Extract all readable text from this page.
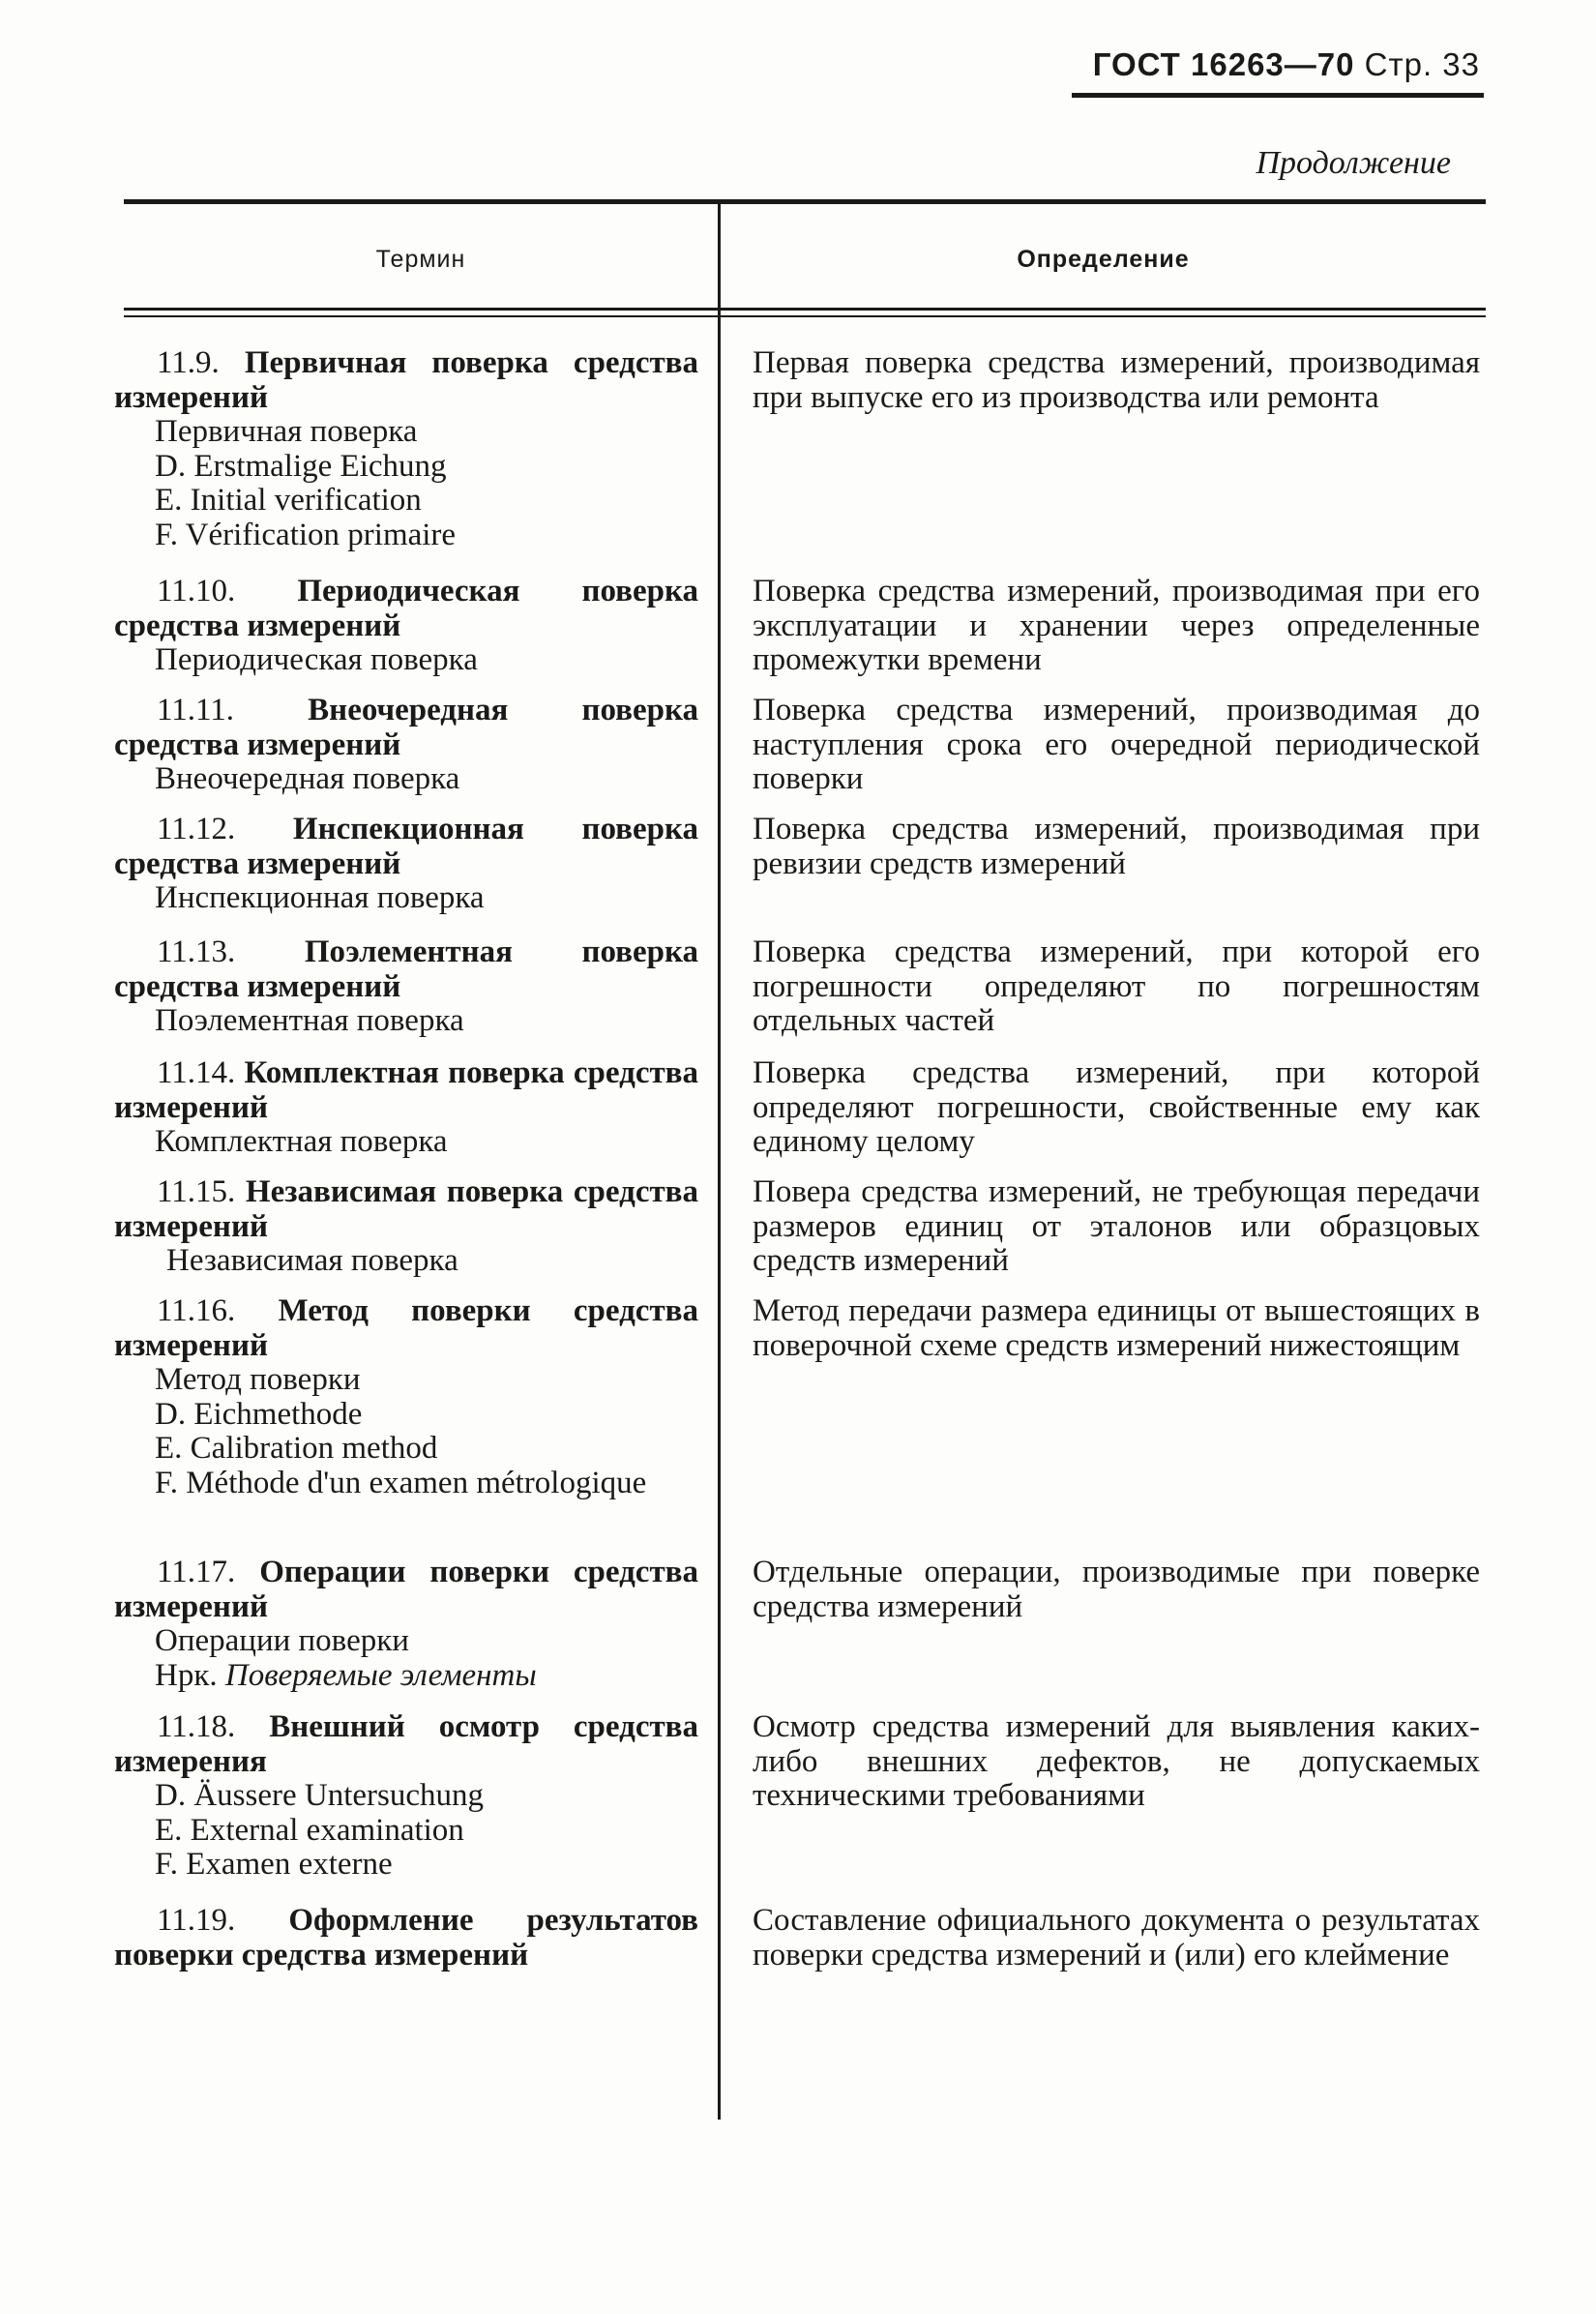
ГОСТ 16263—70 Стр. 33
Продолжение
Термин	Определение
11.9. Первичная поверка средства измерений
Первичная поверка
D. Erstmalige Eichung
E. Initial verification
F. Vérification primaire
Первая поверка средства измерений, производимая при выпуске его из производства или ремонта
11.10. Периодическая поверка средства измерений
Периодическая поверка
Поверка средства измерений, производимая при его эксплуатации и хранении через определенные промежутки времени
11.11. Внеочередная поверка средства измерений
Внеочередная поверка
Поверка средства измерений, производимая до наступления срока его очередной периодической поверки
11.12. Инспекционная поверка средства измерений
Инспекционная поверка
Поверка средства измерений, производимая при ревизии средств измерений
11.13. Поэлементная поверка средства измерений
Поэлементная поверка
Поверка средства измерений, при которой его погрешности определяют по погрешностям отдельных частей
11.14. Комплектная поверка средства измерений
Комплектная поверка
Поверка средства измерений, при которой определяют погрешности, свойственные ему как единому целому
11.15. Независимая поверка средства измерений
Независимая поверка
Повера средства измерений, не требующая передачи размеров единиц от эталонов или образцовых средств измерений
11.16. Метод поверки средства измерений
Метод поверки
D. Eichmethode
E. Calibration method
F. Méthode d'un examen métrologique
Метод передачи размера единицы от вышестоящих в поверочной схеме средств измерений нижестоящим
11.17. Операции поверки средства измерений
Операции поверки
Нрк. Поверяемые элементы
Отдельные операции, производимые при поверке средства измерений
11.18. Внешний осмотр средства измерения
D. Äussere Untersuchung
E. External examination
F. Examen externe
Осмотр средства измерений для выявления каких-либо внешних дефектов, не допускаемых техническими требованиями
11.19. Оформление результатов поверки средства измерений
Составление официального документа о результатах поверки средства измерений и (или) его клеймение
